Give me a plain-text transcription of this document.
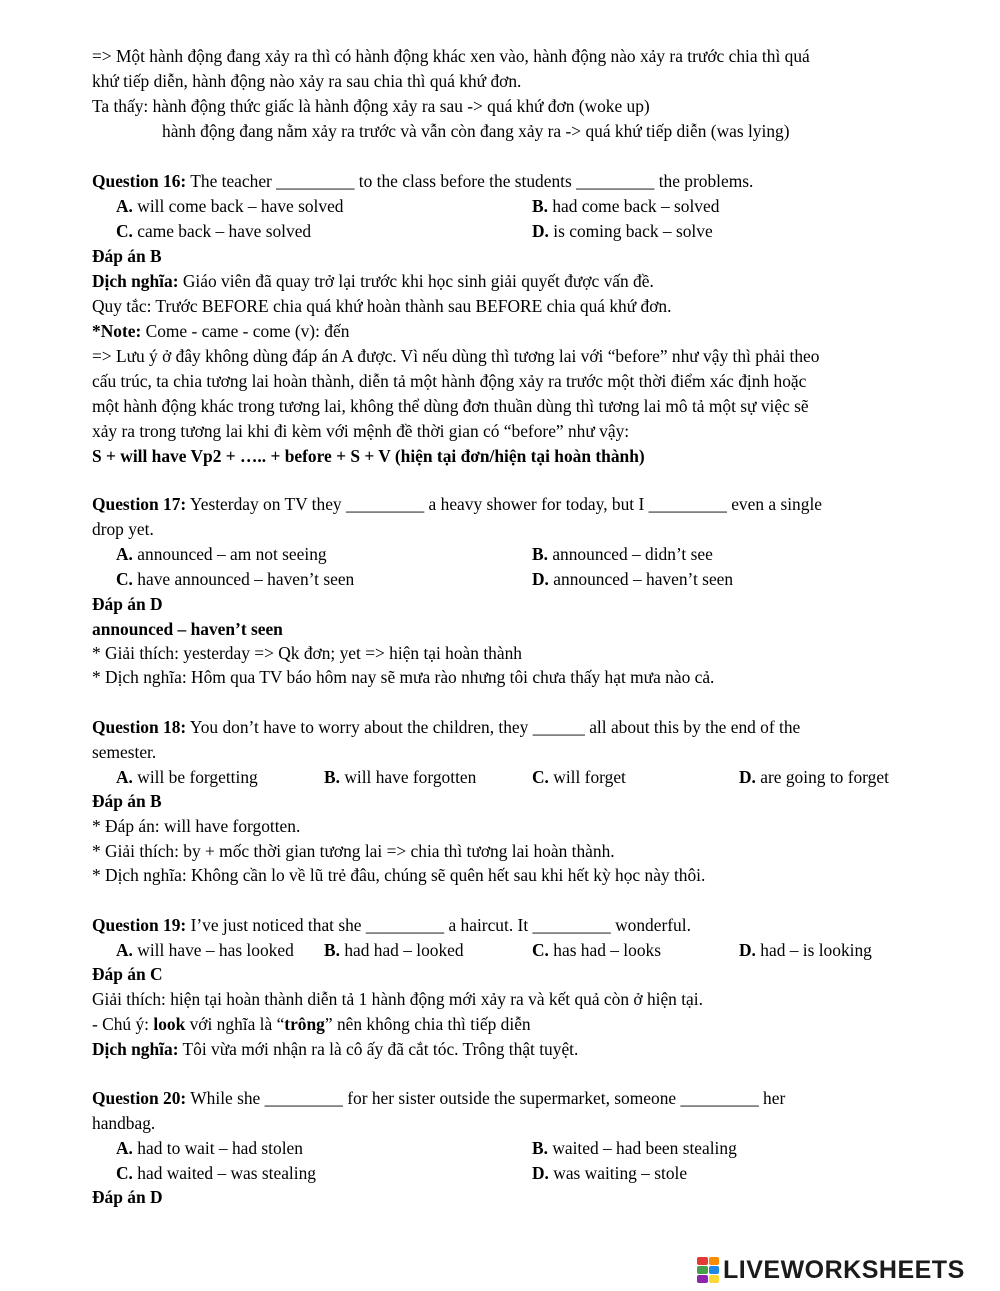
=> Một hành động đang xảy ra thì có hành động khác xen vào, hành động nào xảy ra trước chia thì quá
khứ tiếp diễn, hành động nào xảy ra sau chia thì quá khứ đơn.
Ta thấy: hành động thức giấc là hành động xảy ra sau -> quá khứ đơn (woke up)
hành động đang nằm xảy ra trước và vẫn còn đang xảy ra -> quá khứ tiếp diễn (was lying)
Question 16: The teacher _________ to the class before the students _________ the problems.
A. will come back – have solved	B. had come back – solved
C. came back – have solved	D. is coming back – solve
Đáp án B
Dịch nghĩa: Giáo viên đã quay trở lại trước khi học sinh giải quyết được vấn đề.
Quy tắc: Trước BEFORE chia quá khứ hoàn thành sau BEFORE chia quá khứ đơn.
*Note: Come - came - come (v): đến
=> Lưu ý ở đây không dùng đáp án A được. Vì nếu dùng thì tương lai với “before” như vậy thì phải theo
cấu trúc, ta chia tương lai hoàn thành, diễn tả một hành động xảy ra trước một thời điểm xác định hoặc
một hành động khác trong tương lai, không thể dùng đơn thuần dùng thì tương lai mô tả một sự việc sẽ
xảy ra trong tương lai khi đi kèm với mệnh đề thời gian có “before” như vậy:
S + will have Vp2 + ….. + before + S + V (hiện tại đơn/hiện tại hoàn thành)
Question 17: Yesterday on TV they _________ a heavy shower for today, but I _________ even a single
drop yet.
A. announced – am not seeing	B. announced – didn’t see
C. have announced – haven’t seen	D. announced – haven’t seen
Đáp án D
announced – haven’t seen
* Giải thích: yesterday => Qk đơn; yet => hiện tại hoàn thành
* Dịch nghĩa: Hôm qua TV báo hôm nay sẽ mưa rào nhưng tôi chưa thấy hạt mưa nào cả.
Question 18: You don’t have to worry about the children, they ______ all about this by the end of the
semester.
A. will be forgetting	B. will have forgotten	C. will forget	D. are going to forget
Đáp án B
* Đáp án: will have forgotten.
* Giải thích: by + mốc thời gian tương lai => chia thì tương lai hoàn thành.
* Dịch nghĩa: Không cần lo về lũ trẻ đâu, chúng sẽ quên hết sau khi hết kỳ học này thôi.
Question 19: I’ve just noticed that she _________ a haircut. It _________ wonderful.
A. will have – has looked B. had had – looked	C. has had – looks	D. had – is looking
Đáp án C
Giải thích: hiện tại hoàn thành diễn tả 1 hành động mới xảy ra và kết quả còn ở hiện tại.
- Chú ý: look với nghĩa là “trông” nên không chia thì tiếp diễn
Dịch nghĩa: Tôi vừa mới nhận ra là cô ấy đã cắt tóc. Trông thật tuyệt.
Question 20: While she _________ for her sister outside the supermarket, someone _________ her
handbag.
A. had to wait – had stolen	B. waited – had been stealing
C. had waited – was stealing	D. was waiting – stole
Đáp án D
LIVEWORKSHEETS
